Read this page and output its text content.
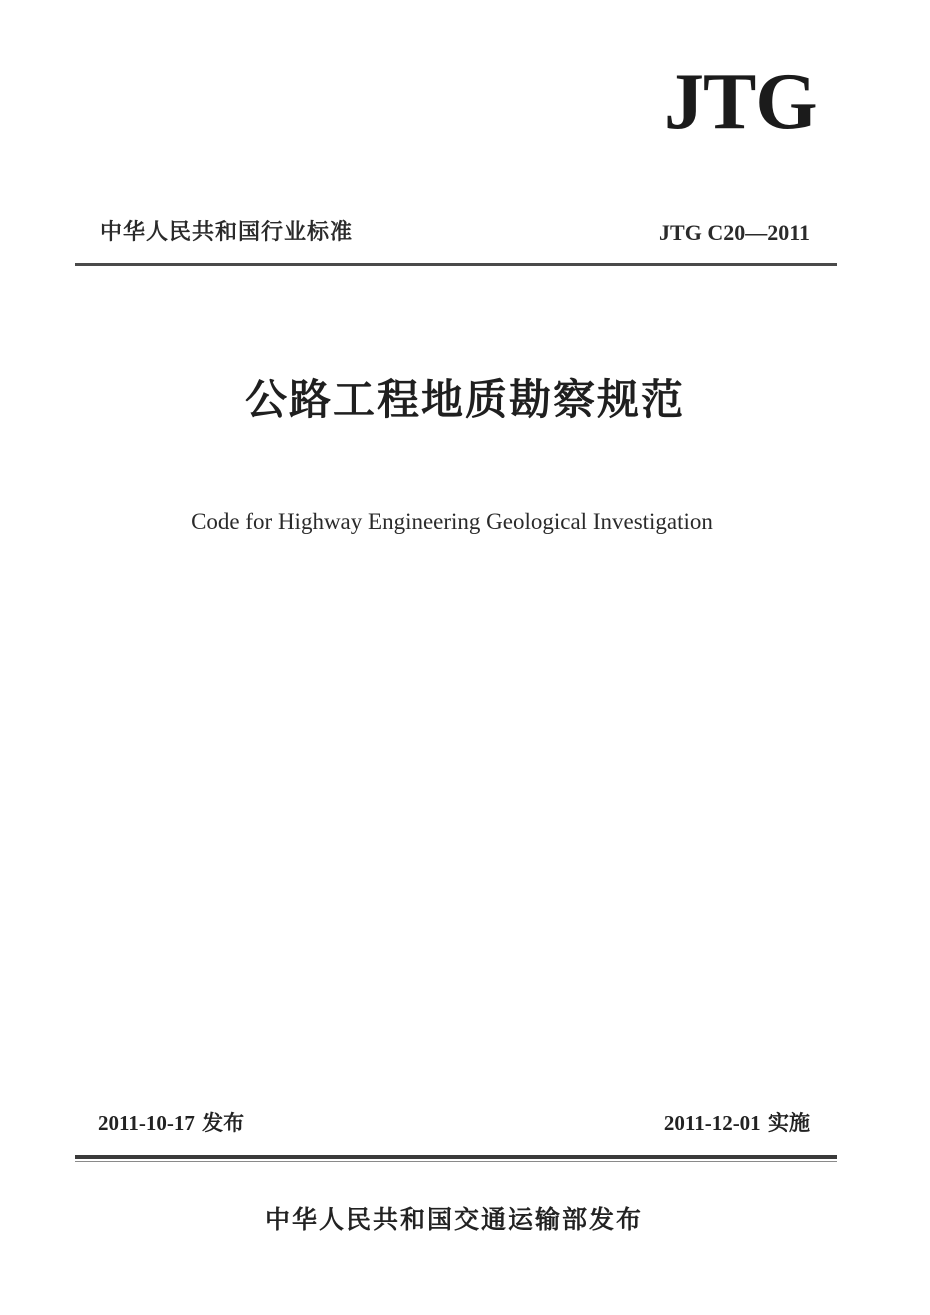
JTG
中华人民共和国行业标准	JTG C20—2011
公路工程地质勘察规范
Code for Highway Engineering Geological Investigation
2011-10-17 发布	2011-12-01 实施
中华人民共和国交通运输部发布
